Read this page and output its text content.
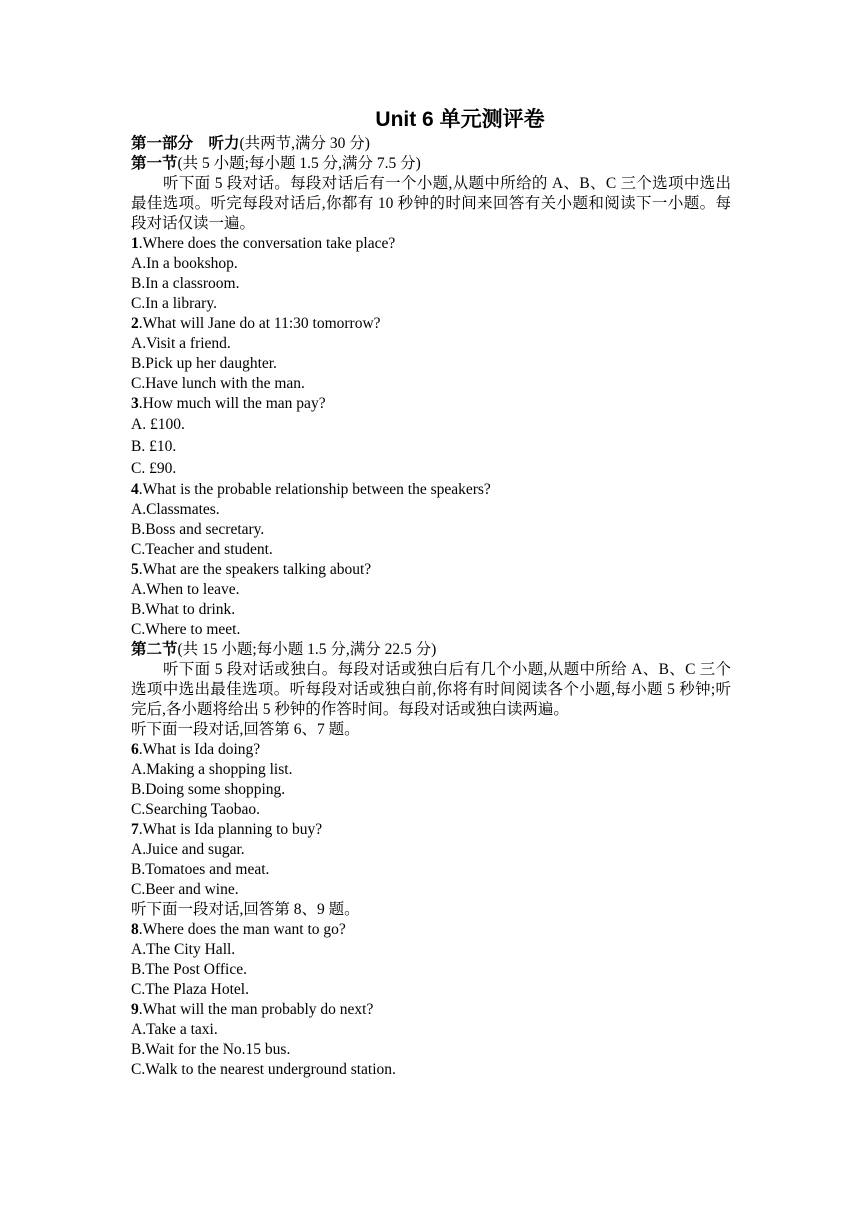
Unit 6 单元测评卷
第一部分　听力(共两节,满分 30 分)
第一节(共 5 小题;每小题 1.5 分,满分 7.5 分)
听下面 5 段对话。每段对话后有一个小题,从题中所给的 A、B、C 三个选项中选出最佳选项。听完每段对话后,你都有 10 秒钟的时间来回答有关小题和阅读下一小题。每段对话仅读一遍。
1.Where does the conversation take place?
A.In a bookshop.
B.In a classroom.
C.In a library.
2.What will Jane do at 11:30 tomorrow?
A.Visit a friend.
B.Pick up her daughter.
C.Have lunch with the man.
3.How much will the man pay?
A. £100.
B. £10.
C. £90.
4.What is the probable relationship between the speakers?
A.Classmates.
B.Boss and secretary.
C.Teacher and student.
5.What are the speakers talking about?
A.When to leave.
B.What to drink.
C.Where to meet.
第二节(共 15 小题;每小题 1.5 分,满分 22.5 分)
听下面 5 段对话或独白。每段对话或独白后有几个小题,从题中所给 A、B、C 三个选项中选出最佳选项。听每段对话或独白前,你将有时间阅读各个小题,每小题 5 秒钟;听完后,各小题将给出 5 秒钟的作答时间。每段对话或独白读两遍。
听下面一段对话,回答第 6、7 题。
6.What is Ida doing?
A.Making a shopping list.
B.Doing some shopping.
C.Searching Taobao.
7.What is Ida planning to buy?
A.Juice and sugar.
B.Tomatoes and meat.
C.Beer and wine.
听下面一段对话,回答第 8、9 题。
8.Where does the man want to go?
A.The City Hall.
B.The Post Office.
C.The Plaza Hotel.
9.What will the man probably do next?
A.Take a taxi.
B.Wait for the No.15 bus.
C.Walk to the nearest underground station.
